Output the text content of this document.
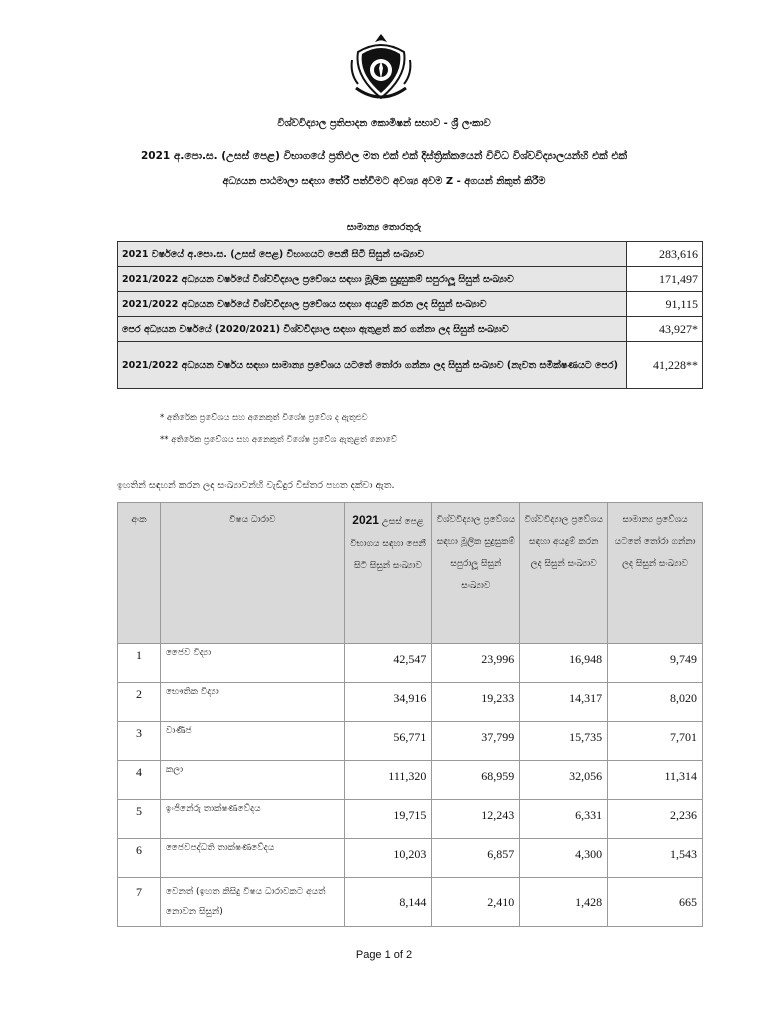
විශ්වවිද්‍යාල ප්‍රතිපාදන කොමිෂන් සභාව - ශ්‍රී ලංකාව
2021 අ.පො.ස. (උසස් පෙළ) විභාගයේ ප්‍රතිඵල මත එක් එක් දිස්ත්‍රික්කයෙන් විවිධ විශ්වවිද්‍යාලයන්හි එක් එක්
අධ්‍යයන පාඨමාලා සඳහා තේරී පත්වීමට අවශ්‍ය අවම Z - අගයන් නිකුත් කිරීම
සාමාන්‍ය තොරතුරු
2021 වර්ෂයේ අ.පො.ස. (උසස් පෙළ) විභාගයට පෙනී සිටි සිසුන් සංඛ්‍යාව	283,616
2021/2022 අධ්‍යයන වර්ෂයේ විශ්වවිද්‍යාල ප්‍රවේශය සඳහා මූලික සුදුසුකම් සපුරාලූ සිසුන් සංඛ්‍යාව	171,497
2021/2022 අධ්‍යයන වර්ෂයේ විශ්වවිද්‍යාල ප්‍රවේශය සඳහා අයදුම් කරන ලද සිසුන් සංඛ්‍යාව	91,115
පෙර අධ්‍යයන වර්ෂයේ (2020/2021) විශ්වවිද්‍යාල සඳහා ඇතුළත් කර ගන්නා ලද සිසුන් සංඛ්‍යාව	43,927*
2021/2022 අධ්‍යයන වර්ෂය සඳහා සාමාන්‍ය ප්‍රවේශය යටතේ තෝරා ගන්නා ලද සිසුන් සංඛ්‍යාව (නැවත සමීක්ෂණයට පෙර)	41,228**
* අතිරේක ප්‍රවේශය සහ අනෙකුත් විශේෂ ප්‍රවේශ ද ඇතුළුව
** අතිරේක ප්‍රවේශය සහ අනෙකුත් විශේෂ ප්‍රවේශ ඇතුළත් නොවේ
ඉහතින් සඳහන් කරන ලද සංඛ්‍යාවන්හි වැඩිදුර විස්තර පහත දක්වා ඇත.
අංක	විෂය ධාරාව	2021 උසස් පෙළ විභාගය සඳහා පෙනී සිටි සිසුන් සංඛ්‍යාව	විශ්වවිද්‍යාල ප්‍රවේශය සඳහා මූලික සුදුසුකම් සපුරාලූ සිසුන් සංඛ්‍යාව	විශ්වවිද්‍යාල ප්‍රවේශය සඳහා අයදුම් කරන ලද සිසුන් සංඛ්‍යාව	සාමාන්‍ය ප්‍රවේශය යටතේ තෝරා ගන්නා ලද සිසුන් සංඛ්‍යාව
1	ජෛව විද්‍යා	42,547	23,996	16,948	9,749
2	භෞතික විද්‍යා	34,916	19,233	14,317	8,020
3	වාණිජ	56,771	37,799	15,735	7,701
4	කලා	111,320	68,959	32,056	11,314
5	ඉංජිනේරු තාක්ෂණවේදය	19,715	12,243	6,331	2,236
6	ජෛවපද්ධති තාක්ෂණවේදය	10,203	6,857	4,300	1,543
7	වෙනත් (ඉහත කිසිදු විෂය ධාරාවකට අයත් නොවන සිසුන්)	8,144	2,410	1,428	665
Page 1 of 2
